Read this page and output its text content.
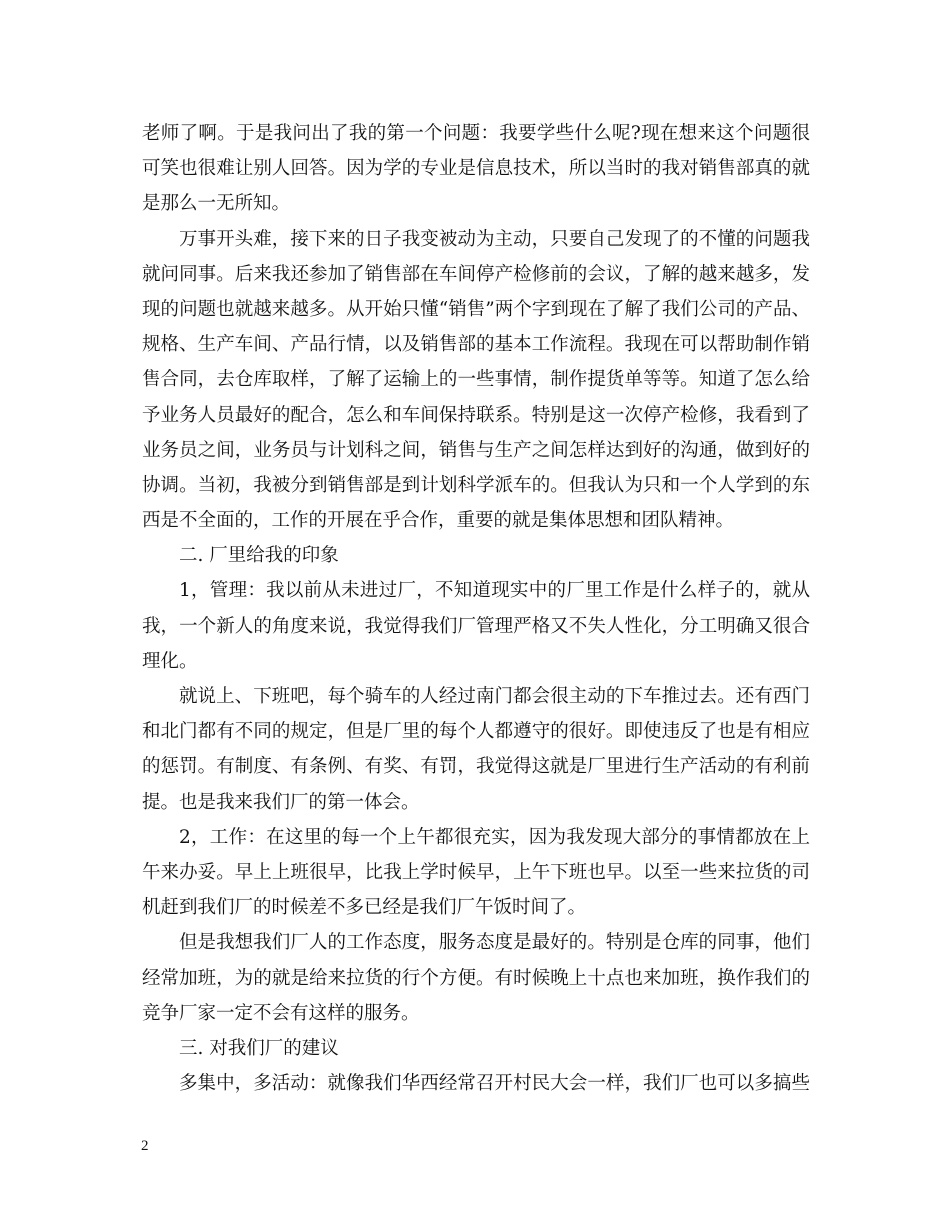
老师了啊。于是我问出了我的第一个问题：我要学些什么呢?现在想来这个问题很
可笑也很难让别人回答。因为学的专业是信息技术，所以当时的我对销售部真的就
是那么一无所知。
万事开头难，接下来的日子我变被动为主动，只要自己发现了的不懂的问题我
就问同事。后来我还参加了销售部在车间停产检修前的会议，了解的越来越多，发
现的问题也就越来越多。从开始只懂“销售”两个字到现在了解了我们公司的产品、
规格、生产车间、产品行情，以及销售部的基本工作流程。我现在可以帮助制作销
售合同，去仓库取样，了解了运输上的一些事情，制作提货单等等。知道了怎么给
予业务人员最好的配合，怎么和车间保持联系。特别是这一次停产检修，我看到了
业务员之间，业务员与计划科之间，销售与生产之间怎样达到好的沟通，做到好的
协调。当初，我被分到销售部是到计划科学派车的。但我认为只和一个人学到的东
西是不全面的，工作的开展在乎合作，重要的就是集体思想和团队精神。
二. 厂里给我的印象
1，管理：我以前从未进过厂，不知道现实中的厂里工作是什么样子的，就从
我，一个新人的角度来说，我觉得我们厂管理严格又不失人性化，分工明确又很合
理化。
就说上、下班吧，每个骑车的人经过南门都会很主动的下车推过去。还有西门
和北门都有不同的规定，但是厂里的每个人都遵守的很好。即使违反了也是有相应
的惩罚。有制度、有条例、有奖、有罚，我觉得这就是厂里进行生产活动的有利前
提。也是我来我们厂的第一体会。
2，工作：在这里的每一个上午都很充实，因为我发现大部分的事情都放在上
午来办妥。早上上班很早，比我上学时候早，上午下班也早。以至一些来拉货的司
机赶到我们厂的时候差不多已经是我们厂午饭时间了。
但是我想我们厂人的工作态度，服务态度是最好的。特别是仓库的同事，他们
经常加班，为的就是给来拉货的行个方便。有时候晚上十点也来加班，换作我们的
竞争厂家一定不会有这样的服务。
三. 对我们厂的建议
多集中，多活动：就像我们华西经常召开村民大会一样，我们厂也可以多搞些
2
